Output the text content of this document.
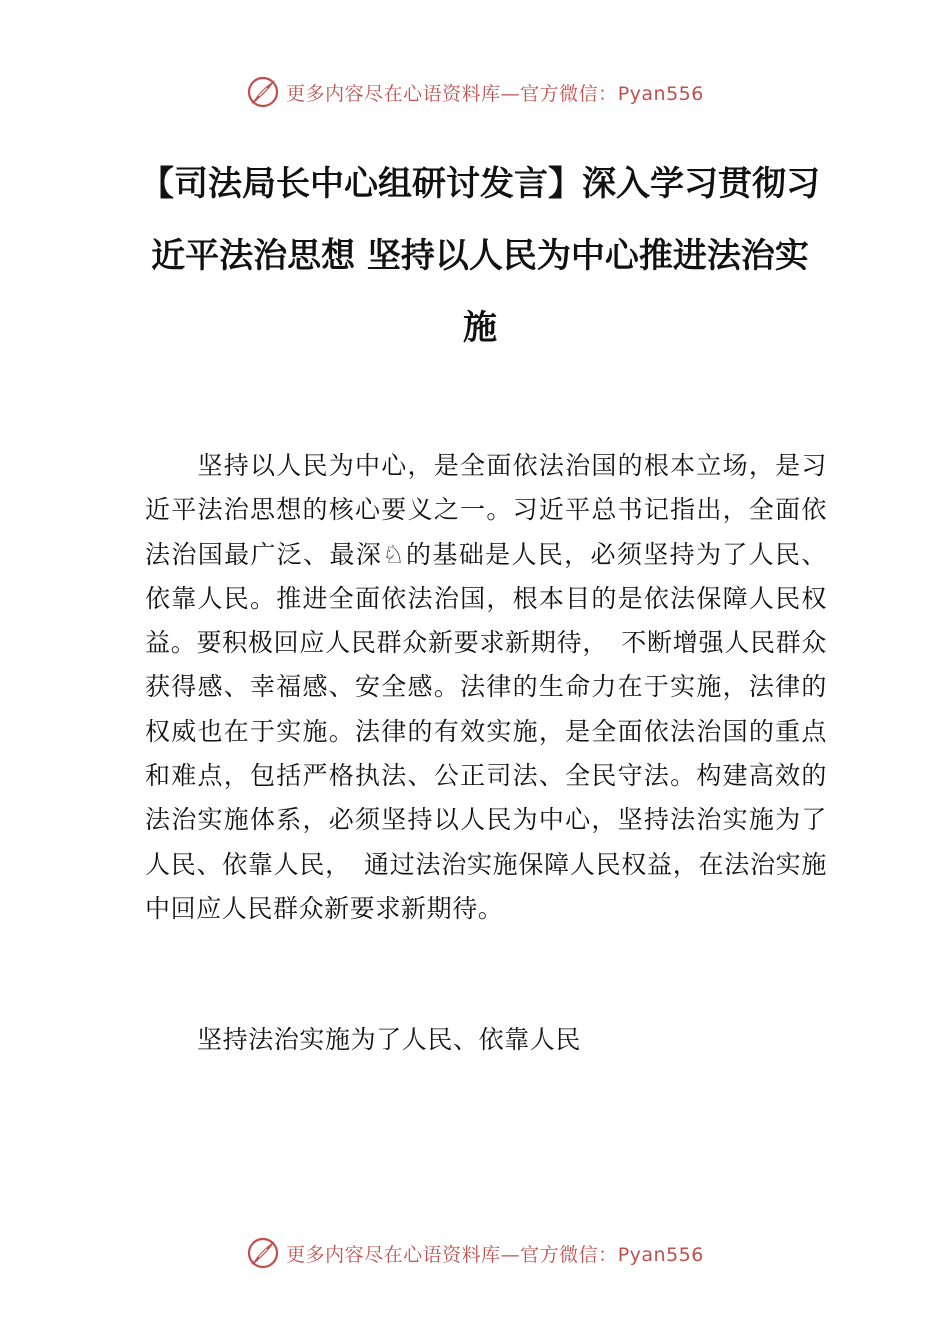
更多内容尽在心语资料库—官方微信：Pyan556
【司法局长中心组研讨发言】深入学习贯彻习近平法治思想 坚持以人民为中心推进法治实施

坚持以人民为中心，是全面依法治国的根本立场，是习近平法治思想的核心要义之一。习近平总书记指出，全面依法治国最广泛、最深♘的基础是人民，必须坚持为了人民、依靠人民。推进全面依法治国，根本目的是依法保障人民权益。要积极回应人民群众新要求新期待，　不断增强人民群众获得感、幸福感、安全感。法律的生命力在于实施，法律的权威也在于实施。法律的有效实施，是全面依法治国的重点和难点，包括严格执法、公正司法、全民守法。构建高效的法治实施体系，必须坚持以人民为中心，坚持法治实施为了人民、依靠人民，　通过法治实施保障人民权益，在法治实施中回应人民群众新要求新期待。

坚持法治实施为了人民、依靠人民

更多内容尽在心语资料库—官方微信：Pyan556
